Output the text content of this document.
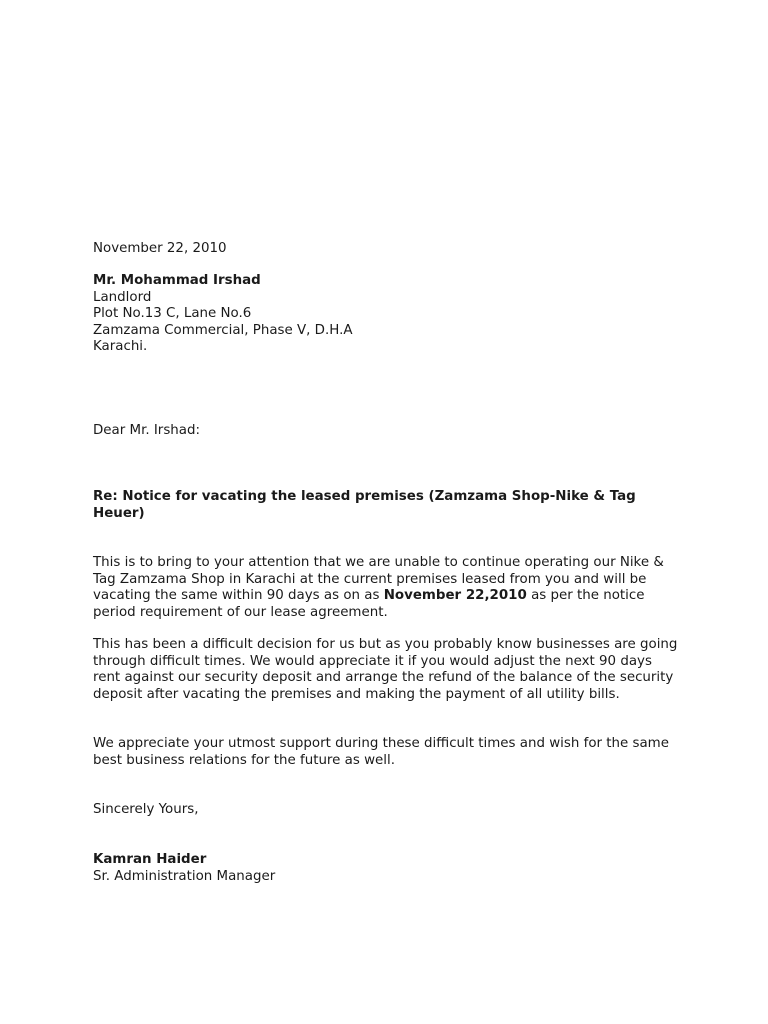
November 22, 2010

Mr. Mohammad Irshad

Landlord

Plot No.13 C, Lane No.6

Zamzama Commercial, Phase V, D.H.A

Karachi.

Dear Mr. Irshad:

Re: Notice for vacating the leased premises (Zamzama Shop-Nike & Tag Heuer)

This is to bring to your attention that we are unable to continue operating our Nike & Tag Zamzama Shop in Karachi at the current premises leased from you and will be vacating the same within 90 days as on as November 22,2010 as per the notice period requirement of our lease agreement.

This has been a difficult decision for us but as you probably know businesses are going through difficult times. We would appreciate it if you would adjust the next 90 days rent against our security deposit and arrange the refund of the balance of the security deposit after vacating the premises and making the payment of all utility bills.

We appreciate your utmost support during these difficult times and wish for the same best business relations for the future as well.

Sincerely Yours,

Kamran Haider

Sr. Administration Manager
